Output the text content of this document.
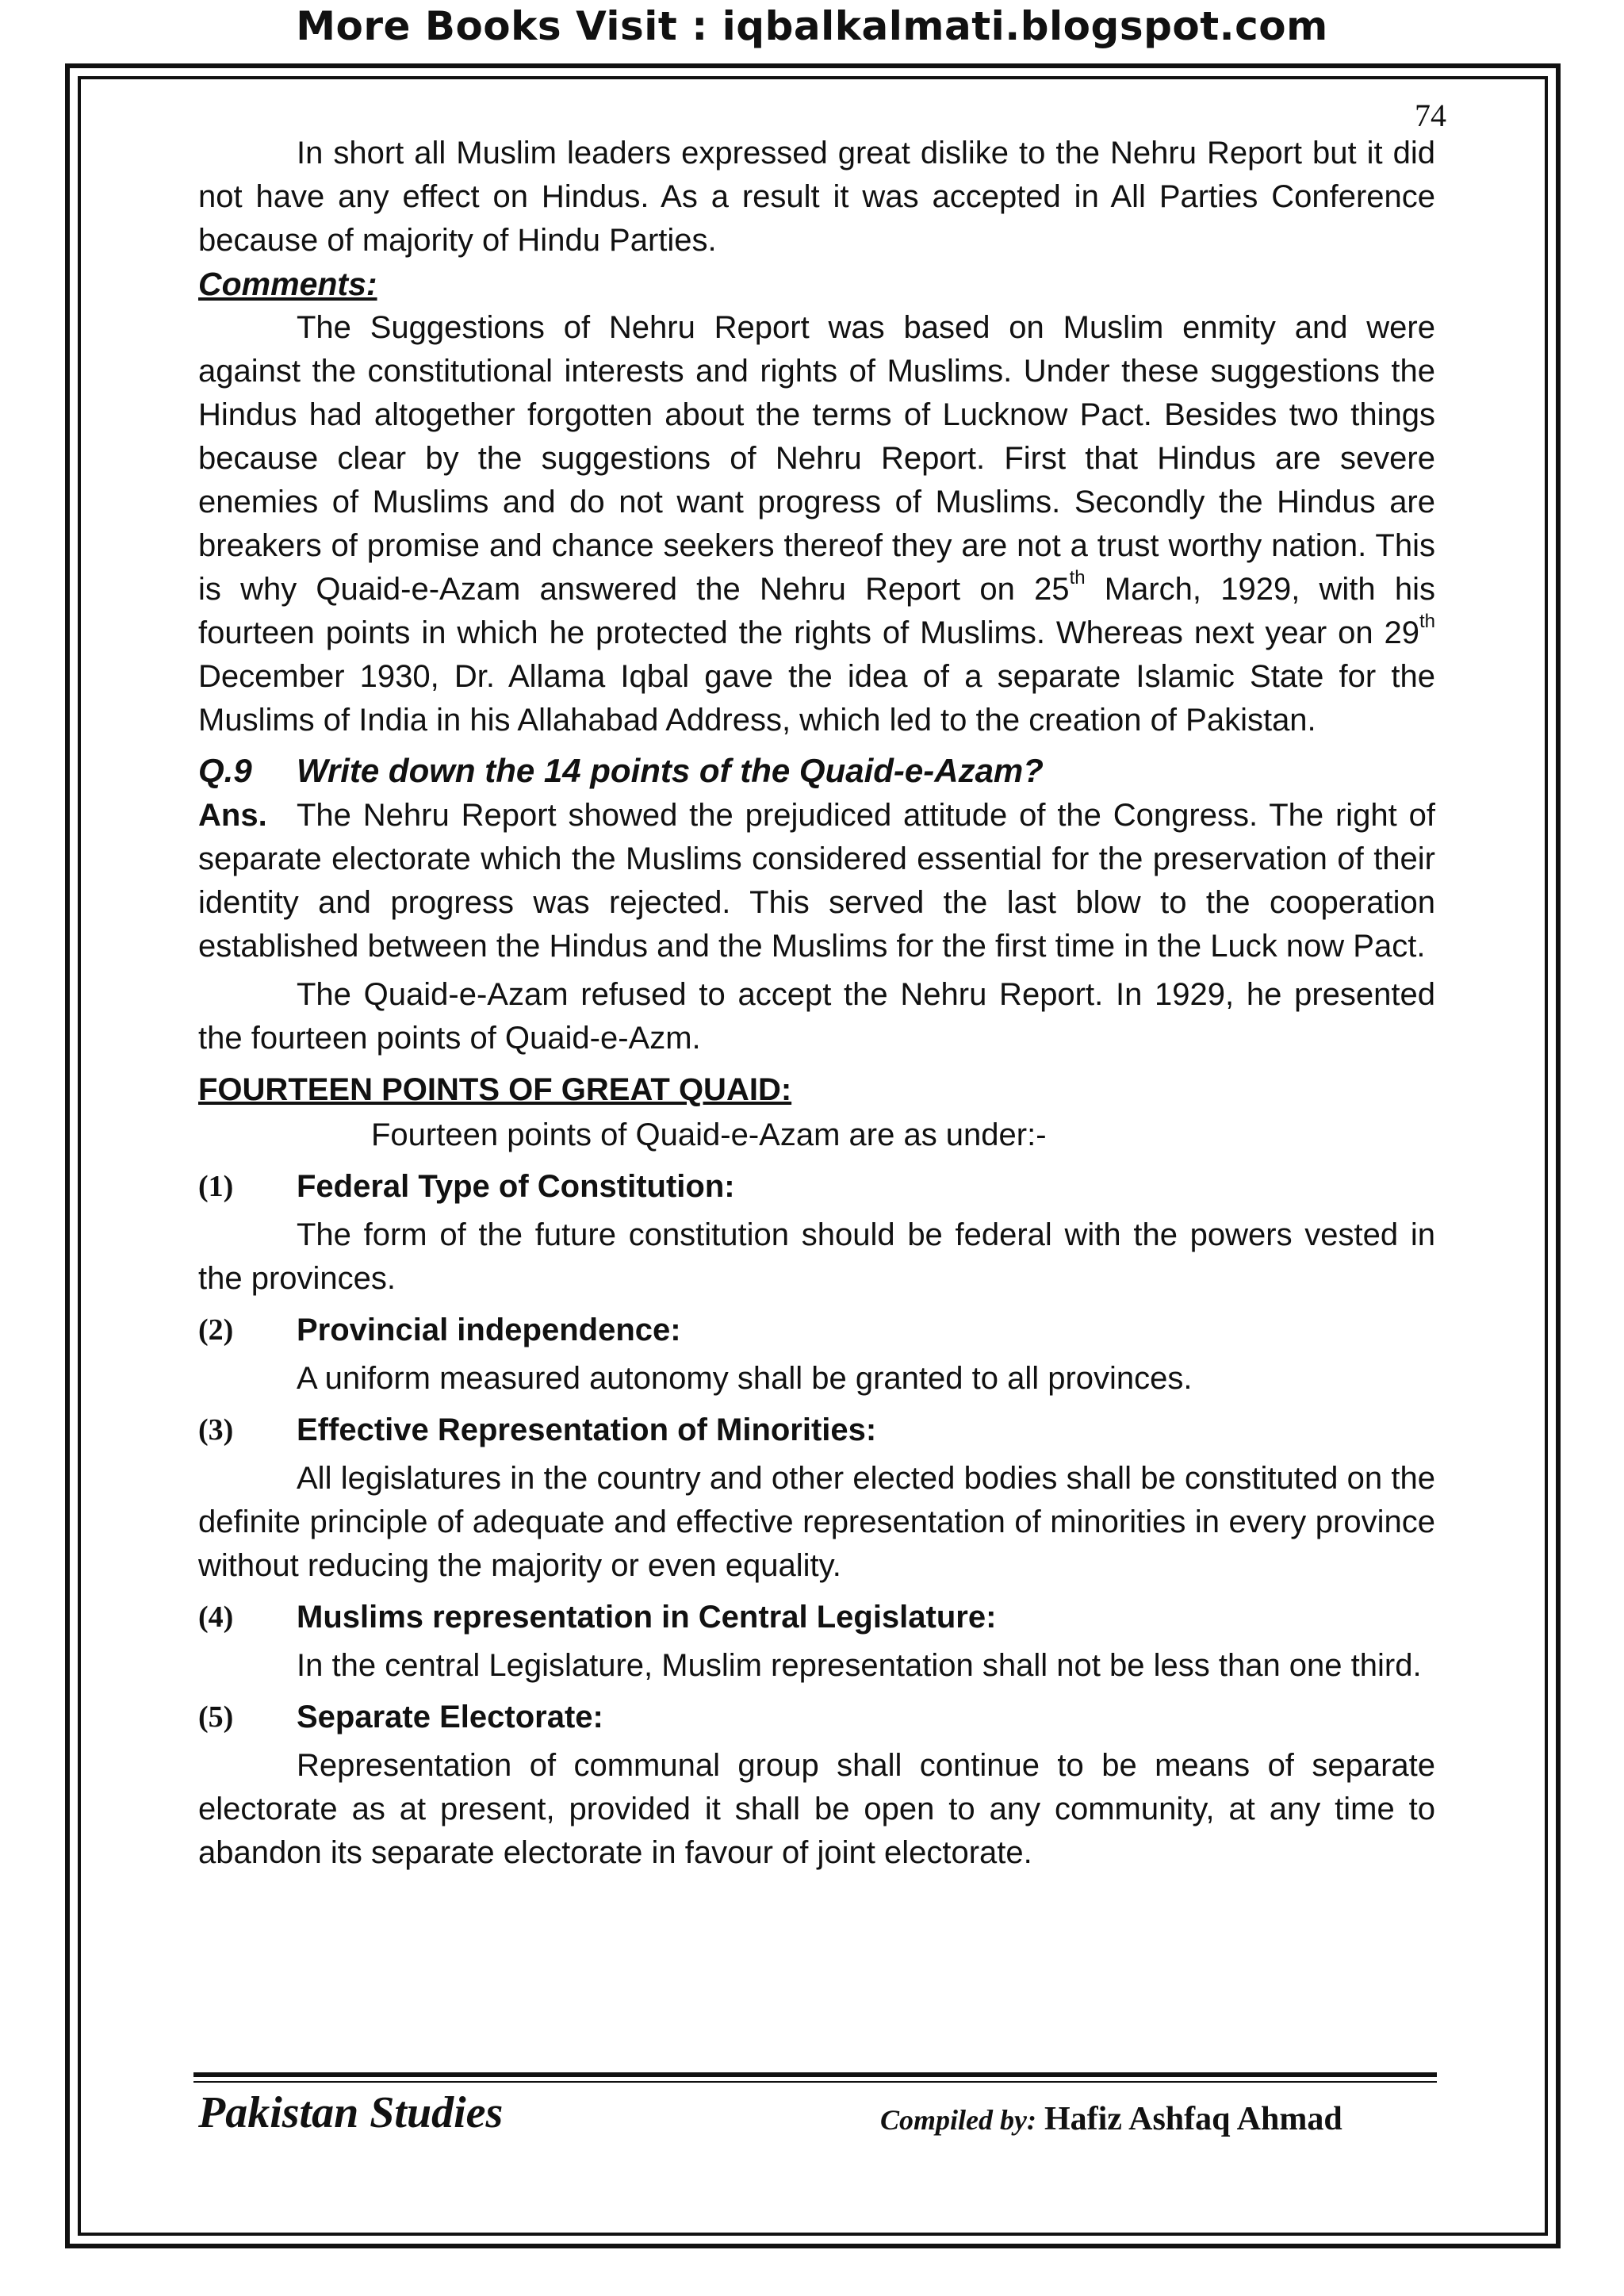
More Books Visit : iqbalkalmati.blogspot.com
74

In short all Muslim leaders expressed great dislike to the Nehru Report but it did not have any effect on Hindus. As a result it was accepted in All Parties Conference because of majority of Hindu Parties.

Comments:

The Suggestions of Nehru Report was based on Muslim enmity and were against the constitutional interests and rights of Muslims. Under these suggestions the Hindus had altogether forgotten about the terms of Lucknow Pact. Besides two things because clear by the suggestions of Nehru Report. First that Hindus are severe enemies of Muslims and do not want progress of Muslims. Secondly the Hindus are breakers of promise and chance seekers thereof they are not a trust worthy nation. This is why Quaid-e-Azam answered the Nehru Report on 25th March, 1929, with his fourteen points in which he protected the rights of Muslims. Whereas next year on 29th December 1930, Dr. Allama Iqbal gave the idea of a separate Islamic State for the Muslims of India in his Allahabad Address, which led to the creation of Pakistan.

Q.9 Write down the 14 points of the Quaid-e-Azam?

Ans. The Nehru Report showed the prejudiced attitude of the Congress. The right of separate electorate which the Muslims considered essential for the preservation of their identity and progress was rejected. This served the last blow to the cooperation established between the Hindus and the Muslims for the first time in the Luck now Pact.

The Quaid-e-Azam refused to accept the Nehru Report. In 1929, he presented the fourteen points of Quaid-e-Azm.

FOURTEEN POINTS OF GREAT QUAID:
Fourteen points of Quaid-e-Azam are as under:-
(1)	Federal Type of Constitution:

The form of the future constitution should be federal with the powers vested in the provinces.

(2)	Provincial independence:

A uniform measured autonomy shall be granted to all provinces.

(3)	Effective Representation of Minorities:

All legislatures in the country and other elected bodies shall be constituted on the definite principle of adequate and effective representation of minorities in every province without reducing the majority or even equality.

(4)	Muslims representation in Central Legislature:

In the central Legislature, Muslim representation shall not be less than one third.

(5)	Separate Electorate:

Representation of communal group shall continue to be means of separate electorate as at present, provided it shall be open to any community, at any time to abandon its separate electorate in favour of joint electorate.

Pakistan Studies	Compiled by: Hafiz Ashfaq Ahmad
